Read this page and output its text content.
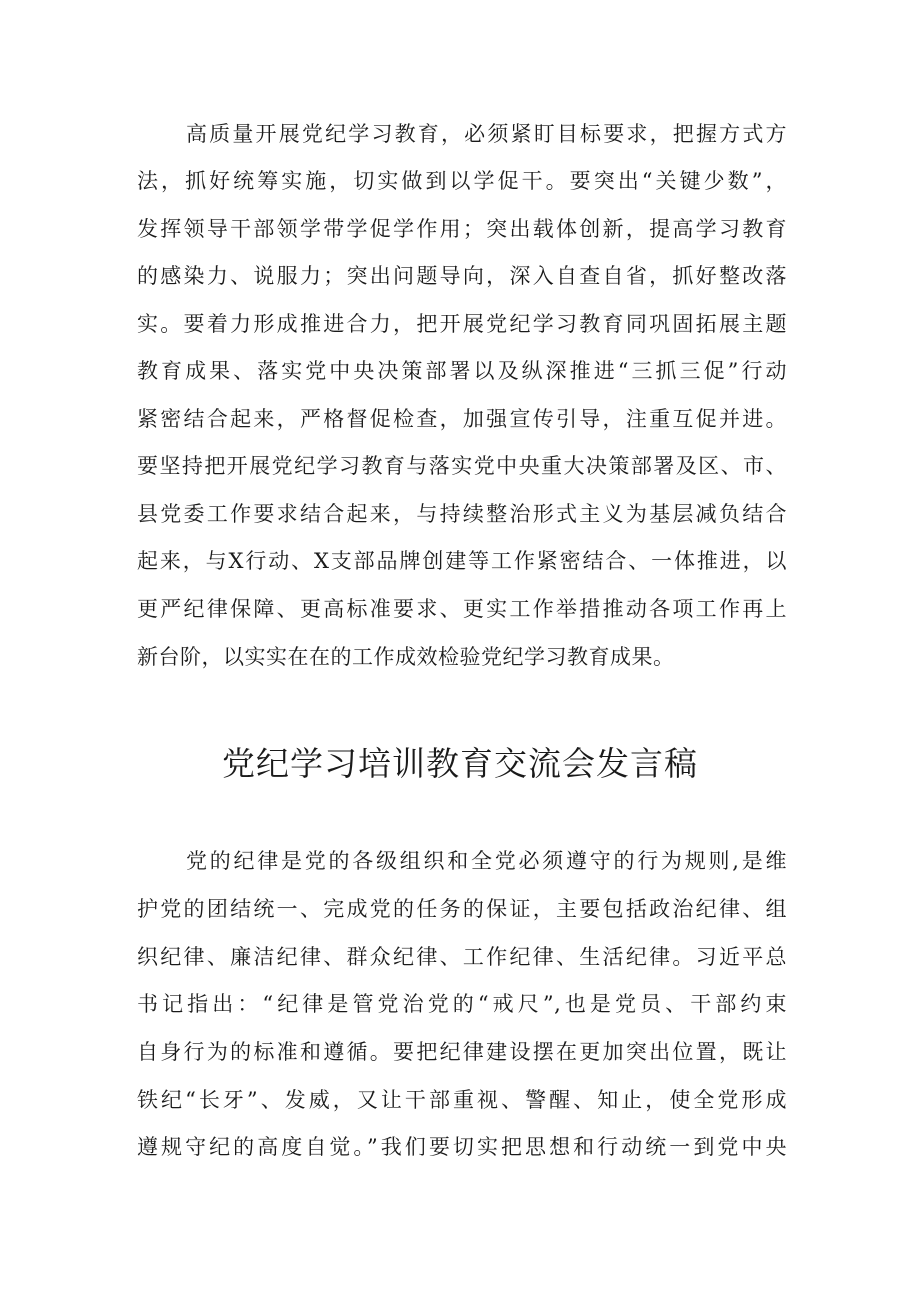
高质量开展党纪学习教育，必须紧盯目标要求，把握方式方
法，抓好统筹实施，切实做到以学促干。要突出“关键少数”，
发挥领导干部领学带学促学作用；突出载体创新，提高学习教育
的感染力、说服力；突出问题导向，深入自查自省，抓好整改落
实。要着力形成推进合力，把开展党纪学习教育同巩固拓展主题
教育成果、落实党中央决策部署以及纵深推进“三抓三促”行动
紧密结合起来，严格督促检查，加强宣传引导，注重互促并进。
要坚持把开展党纪学习教育与落实党中央重大决策部署及区、市、
县党委工作要求结合起来，与持续整治形式主义为基层减负结合
起来，与X行动、X支部品牌创建等工作紧密结合、一体推进，以
更严纪律保障、更高标准要求、更实工作举措推动各项工作再上
新台阶，以实实在在的工作成效检验党纪学习教育成果。
党纪学习培训教育交流会发言稿
党的纪律是党的各级组织和全党必须遵守的行为规则,是维
护党的团结统一、完成党的任务的保证，主要包括政治纪律、组
织纪律、廉洁纪律、群众纪律、工作纪律、生活纪律。习近平总
书记指出：“纪律是管党治党的“戒尺”,也是党员、干部约束
自身行为的标准和遵循。要把纪律建设摆在更加突出位置，既让
铁纪“长牙”、发威，又让干部重视、警醒、知止，使全党形成
遵规守纪的高度自觉。”我们要切实把思想和行动统一到党中央
